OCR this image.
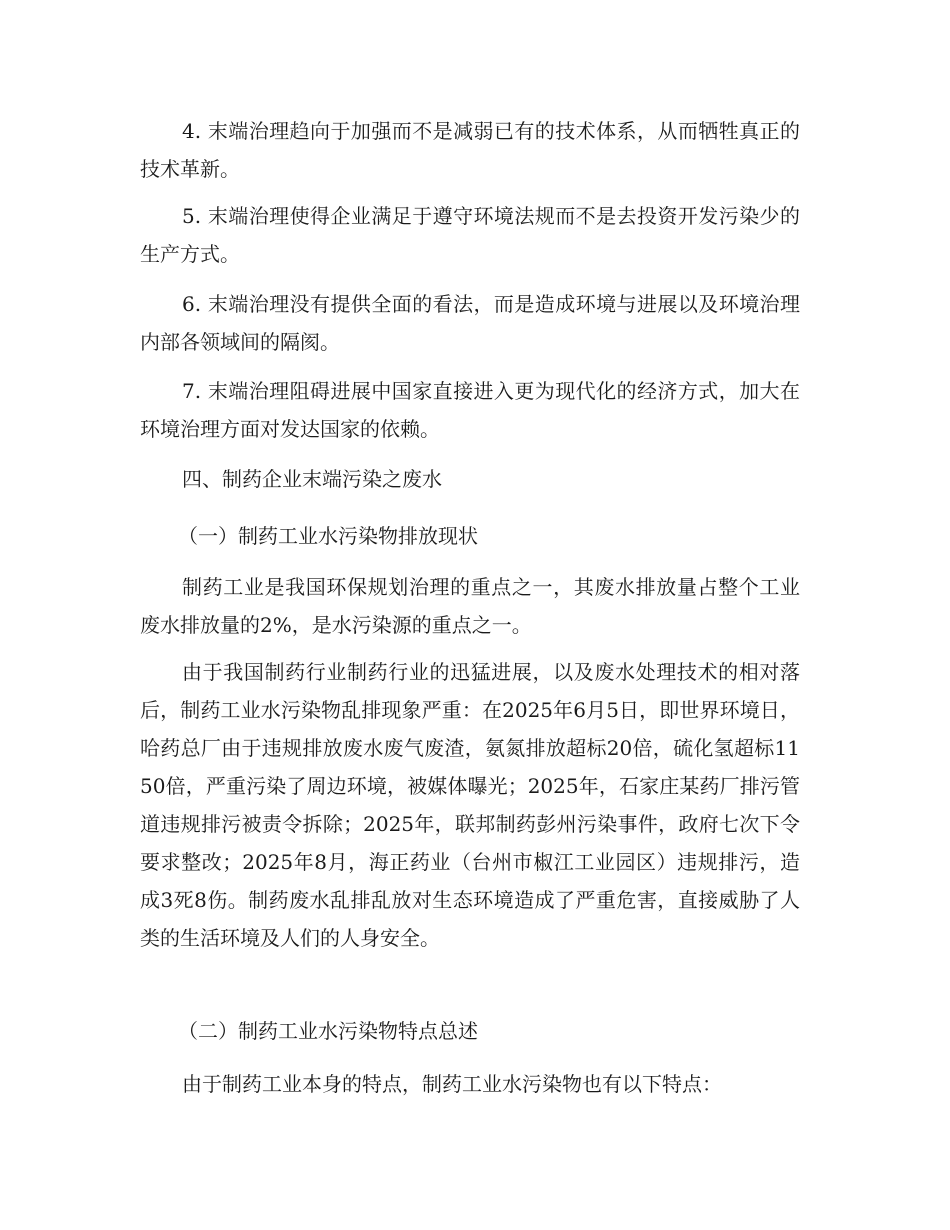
4. 末端治理趋向于加强而不是减弱已有的技术体系，从而牺牲真正的技术革新。

5. 末端治理使得企业满足于遵守环境法规而不是去投资开发污染少的生产方式。

6. 末端治理没有提供全面的看法，而是造成环境与进展以及环境治理内部各领域间的隔阂。

7. 末端治理阻碍进展中国家直接进入更为现代化的经济方式，加大在环境治理方面对发达国家的依赖。

四、制药企业末端污染之废水

（一）制药工业水污染物排放现状

制药工业是我国环保规划治理的重点之一，其废水排放量占整个工业废水排放量的2%，是水污染源的重点之一。

由于我国制药行业制药行业的迅猛进展，以及废水处理技术的相对落后，制药工业水污染物乱排现象严重：在2025年6月5日，即世界环境日，哈药总厂由于违规排放废水废气废渣，氨氮排放超标20倍，硫化氢超标1150倍，严重污染了周边环境，被媒体曝光；2025年，石家庄某药厂排污管道违规排污被责令拆除；2025年，联邦制药彭州污染事件，政府七次下令要求整改；2025年8月，海正药业（台州市椒江工业园区）违规排污，造成3死8伤。制药废水乱排乱放对生态环境造成了严重危害，直接威胁了人类的生活环境及人们的人身安全。

（二）制药工业水污染物特点总述

由于制药工业本身的特点，制药工业水污染物也有以下特点：
